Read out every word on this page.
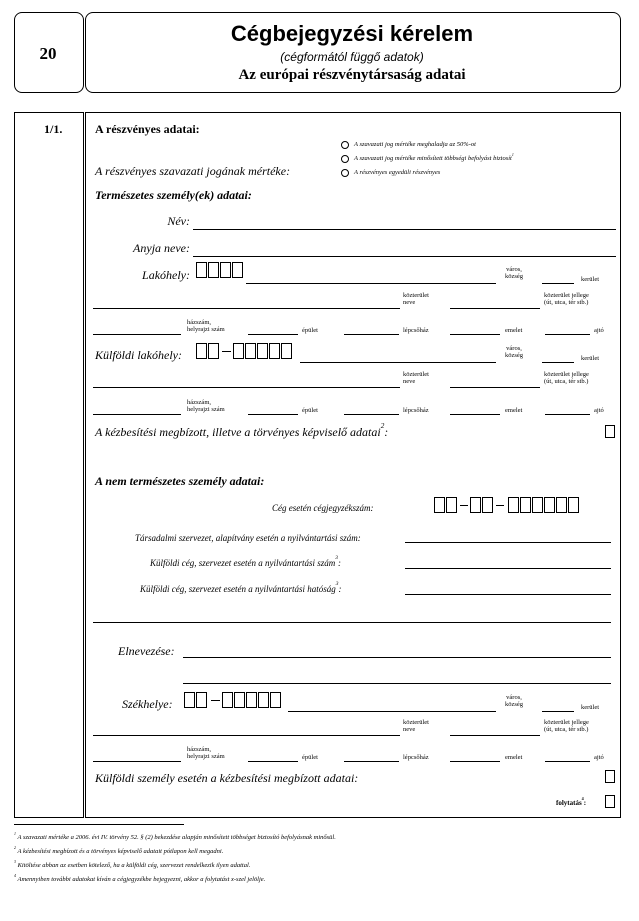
20
Cégbejegyzési kérelem
(cégformától függő adatok)
Az európai részvénytársaság adatai
1/1.	A részvényes adatai:
A szavazati jog mértéke meghaladja az 50%-ot
A szavazati jog mértéke minősített többségi befolyást biztosít$^1$
A részvényes egyedüli részvényes
A részvényes szavazati jogának mértéke:
Természetes személy(ek) adatai:
Név:
Anyja neve:
Lakóhely:	város,
község	kerület
közterület
neve
közterület jellege
(út, utca, tér stb.)
házszám,
helyrajzi szám	épület	lépcsőház	emelet	ajtó
Külföldi lakóhely:	város,
község	kerület
közterület
neve
közterület jellege
(út, utca, tér stb.)
házszám,
helyrajzi szám	épület	lépcsőház	emelet	ajtó
A kézbesítési megbízott, illetve a törvényes képviselő adatai$^2$:
A nem természetes személy adatai:
Cég esetén cégjegyzékszám:
Társadalmi szervezet, alapítvány esetén a nyilvántartási szám:
Külföldi cég, szervezet esetén a nyilvántartási szám$^3$:
Külföldi cég, szervezet esetén a nyilvántartási hatóság$^3$:
Elnevezése:
Székhelye:	város,
község	kerület
közterület
neve
közterület jellege
(út, utca, tér stb.)
házszám,
helyrajzi szám	épület	lépcsőház	emelet	ajtó
Külföldi személy esetén a kézbesítési megbízott adatai:
folytatás$^4$:
$^1$ A szavazati mértéke a 2006. évi IV. törvény 52. § (2) bekezdése alapján minősített többséget biztosító befolyásnak minősül.
$^2$ A kézbesítési megbízott és a törvényes képviselő adatait pótlapon kell megadni.
$^3$ Kitöltése abban az esetben kötelező, ha a külföldi cég, szervezet rendelkezik ilyen adattal.
$^4$ Amennyiben további adatokat kíván a cégjegyzékbe bejegyezni, akkor a folytatást x-szel jelölje.
